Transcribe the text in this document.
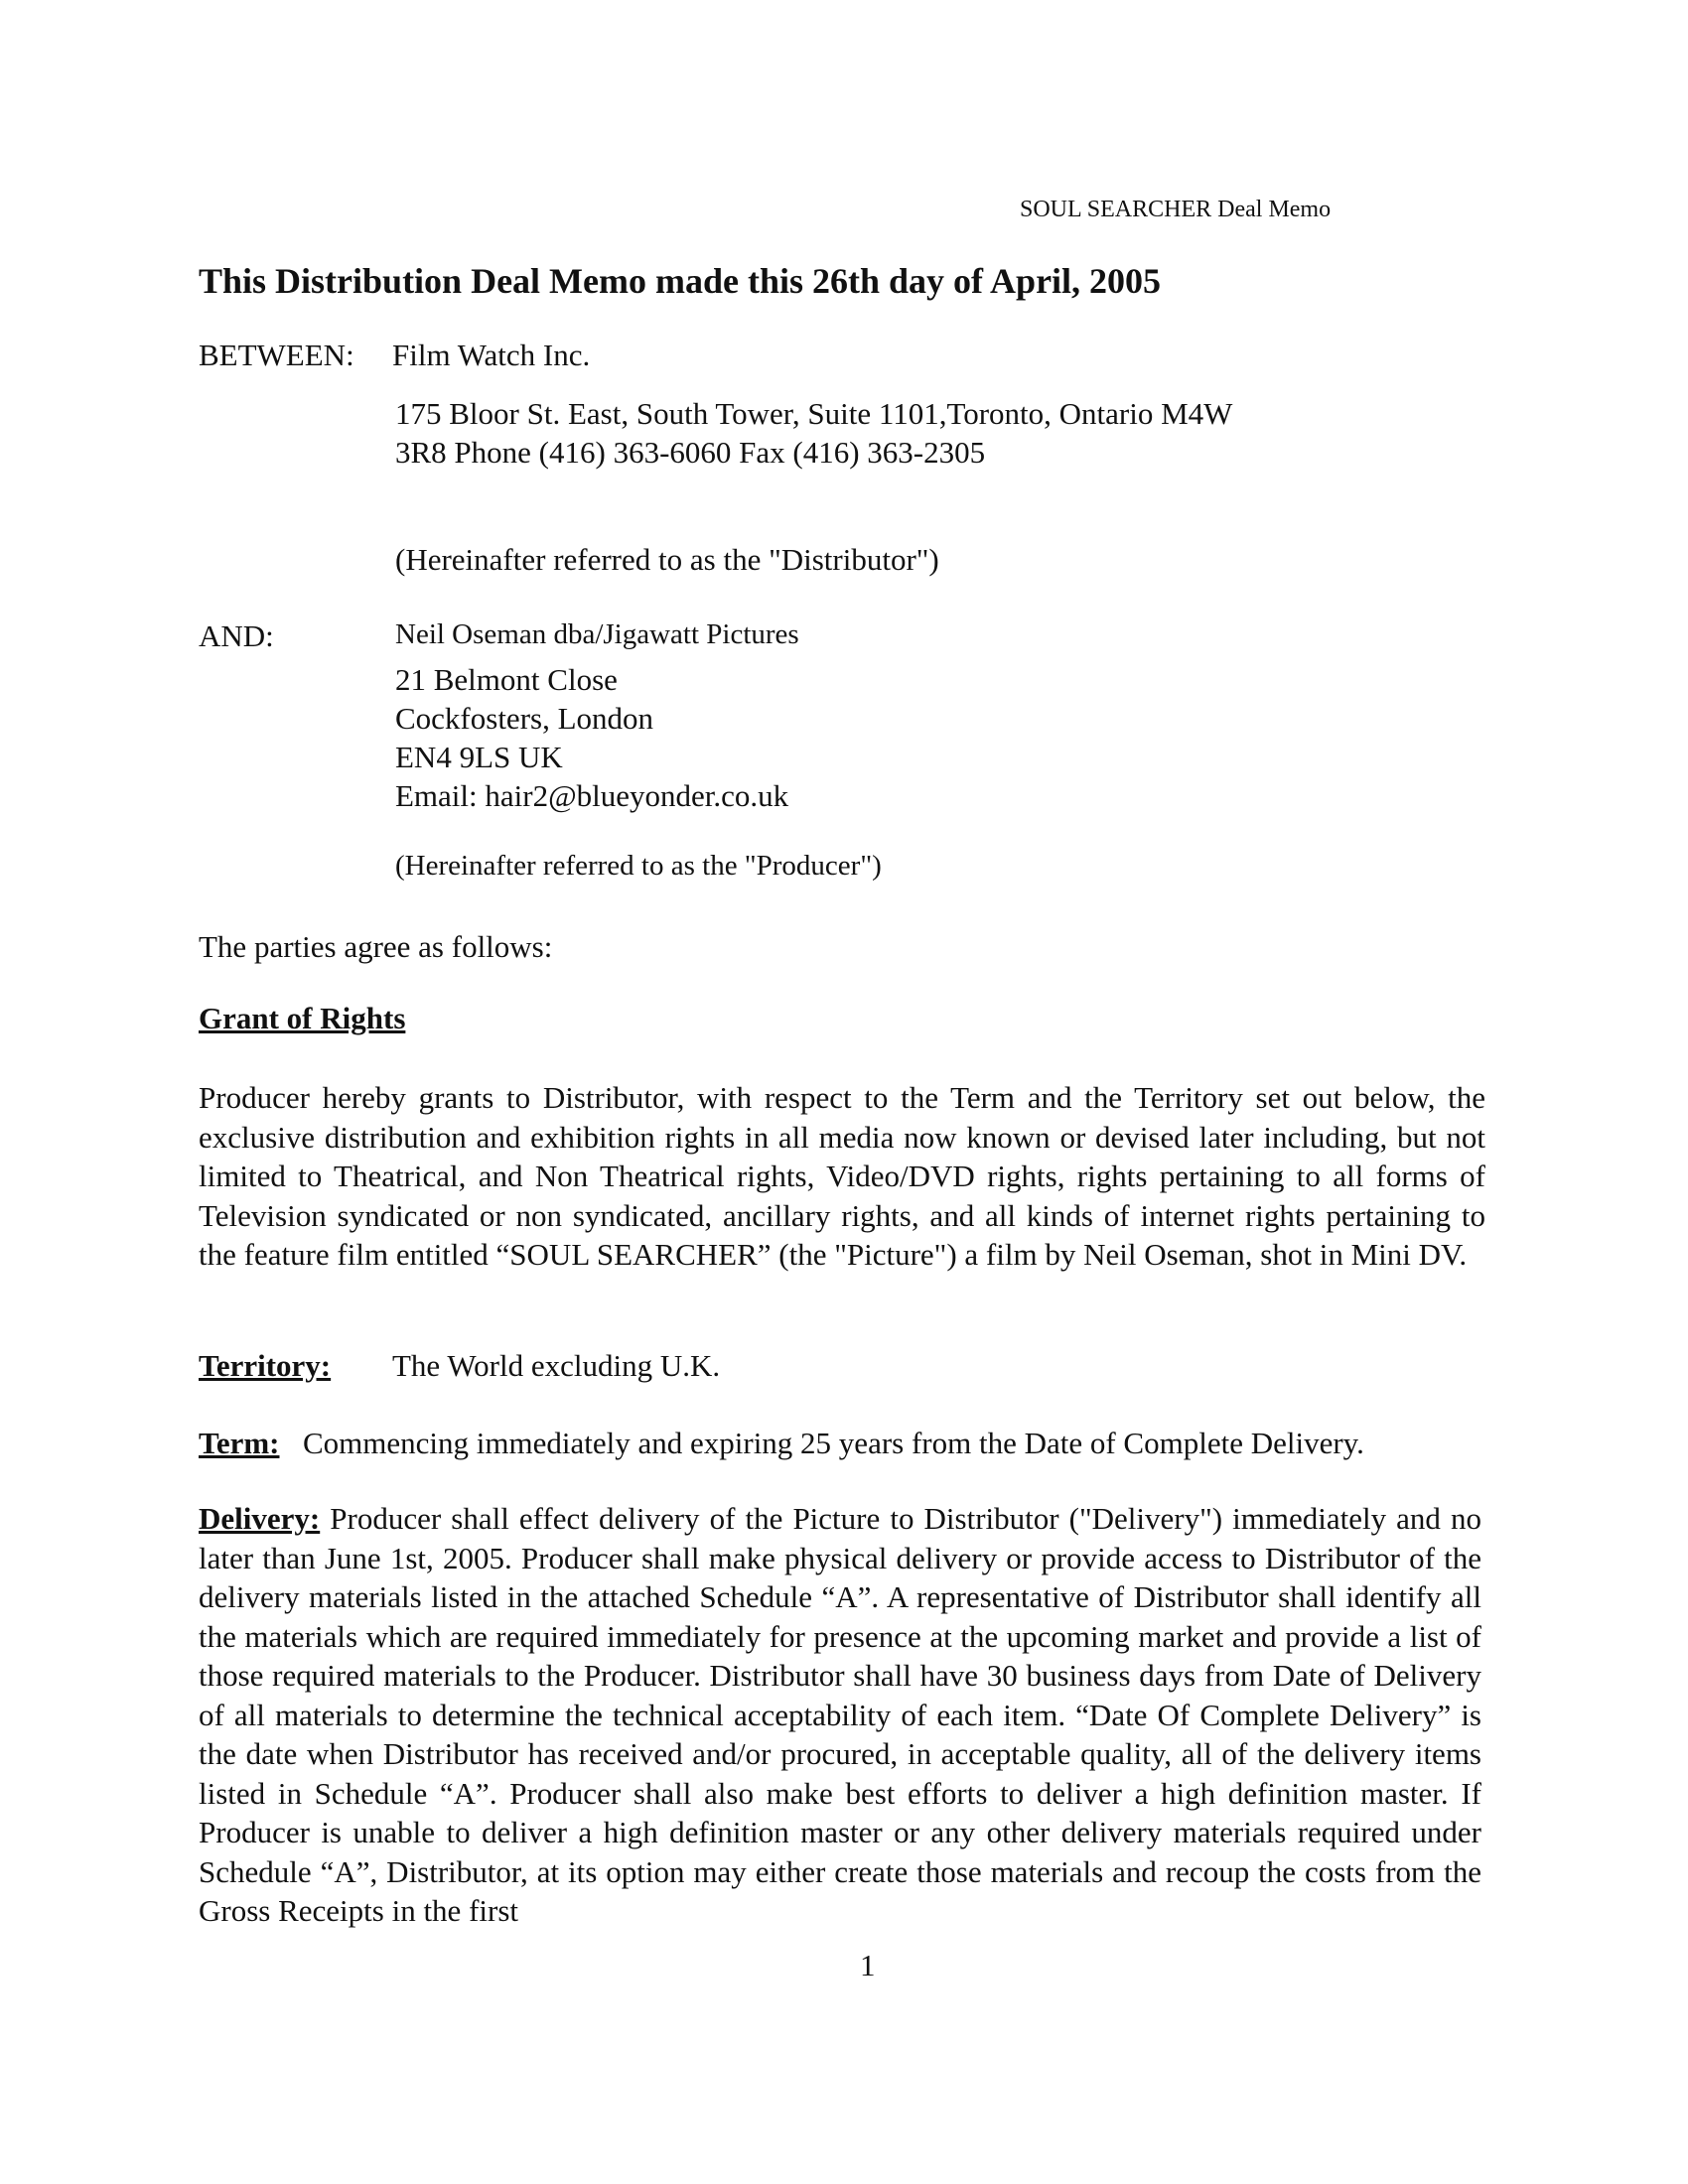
SOUL SEARCHER Deal Memo
This Distribution Deal Memo made this 26th day of April, 2005
BETWEEN: Film Watch Inc.
175 Bloor St. East, South Tower, Suite 1101,Toronto, Ontario M4W
3R8 Phone (416) 363-6060 Fax (416) 363-2305
(Hereinafter referred to as the "Distributor")
AND:	Neil Oseman dba/Jigawatt Pictures
21 Belmont Close
Cockfosters, London
EN4 9LS UK
Email: hair2@blueyonder.co.uk
(Hereinafter referred to as the "Producer")
The parties agree as follows:
Grant of Rights

Producer hereby grants to Distributor, with respect to the Term and the Territory set out below, the exclusive distribution and exhibition rights in all media now known or devised later including, but not limited to Theatrical, and Non Theatrical rights, Video/DVD rights, rights pertaining to all forms of Television syndicated or non syndicated, ancillary rights, and all kinds of internet rights pertaining to the feature film entitled “SOUL SEARCHER” (the "Picture") a film by Neil Oseman, shot in Mini DV.

Territory: The World excluding U.K.
Term: Commencing immediately and expiring 25 years from the Date of Complete Delivery.

Delivery: Producer shall effect delivery of the Picture to Distributor ("Delivery") immediately and no later than June 1st, 2005. Producer shall make physical delivery or provide access to Distributor of the delivery materials listed in the attached Schedule “A”. A representative of Distributor shall identify all the materials which are required immediately for presence at the upcoming market and provide a list of those required materials to the Producer. Distributor shall have 30 business days from Date of Delivery of all materials to determine the technical acceptability of each item. “Date Of Complete Delivery” is the date when Distributor has received and/or procured, in acceptable quality, all of the delivery items listed in Schedule “A”. Producer shall also make best efforts to deliver a high definition master. If Producer is unable to deliver a high definition master or any other delivery materials required under Schedule “A”, Distributor, at its option may either create those materials and recoup the costs from the Gross Receipts in the first

1
